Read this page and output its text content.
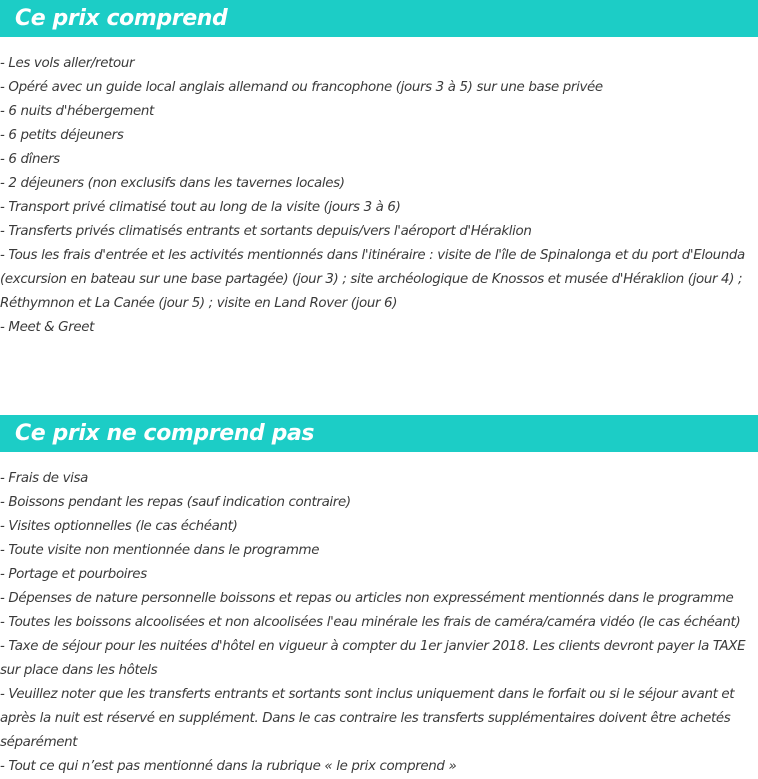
Ce prix comprend
- Les vols aller/retour
- Opéré avec un guide local anglais allemand ou francophone (jours 3 à 5) sur une base privée
- 6 nuits d'hébergement
- 6 petits déjeuners
- 6 dîners
- 2 déjeuners (non exclusifs dans les tavernes locales)
- Transport privé climatisé tout au long de la visite (jours 3 à 6)
- Transferts privés climatisés entrants et sortants depuis/vers l'aéroport d'Héraklion
- Tous les frais d'entrée et les activités mentionnés dans l'itinéraire : visite de l'île de Spinalonga et du port d'Elounda (excursion en bateau sur une base partagée) (jour 3) ; site archéologique de Knossos et musée d'Héraklion (jour 4) ; Réthymnon et La Canée (jour 5) ; visite en Land Rover (jour 6)
- Meet & Greet
Ce prix ne comprend pas
- Frais de visa
- Boissons pendant les repas (sauf indication contraire)
- Visites optionnelles (le cas échéant)
- Toute visite non mentionnée dans le programme
- Portage et pourboires
- Dépenses de nature personnelle boissons et repas ou articles non expressément mentionnés dans le programme
- Toutes les boissons alcoolisées et non alcoolisées l'eau minérale les frais de caméra/caméra vidéo (le cas échéant)
- Taxe de séjour pour les nuitées d'hôtel en vigueur à compter du 1er janvier 2018. Les clients devront payer la TAXE sur place dans les hôtels
- Veuillez noter que les transferts entrants et sortants sont inclus uniquement dans le forfait ou si le séjour avant et après la nuit est réservé en supplément. Dans le cas contraire les transferts supplémentaires doivent être achetés séparément
- Tout ce qui n’est pas mentionné dans la rubrique « le prix comprend »
